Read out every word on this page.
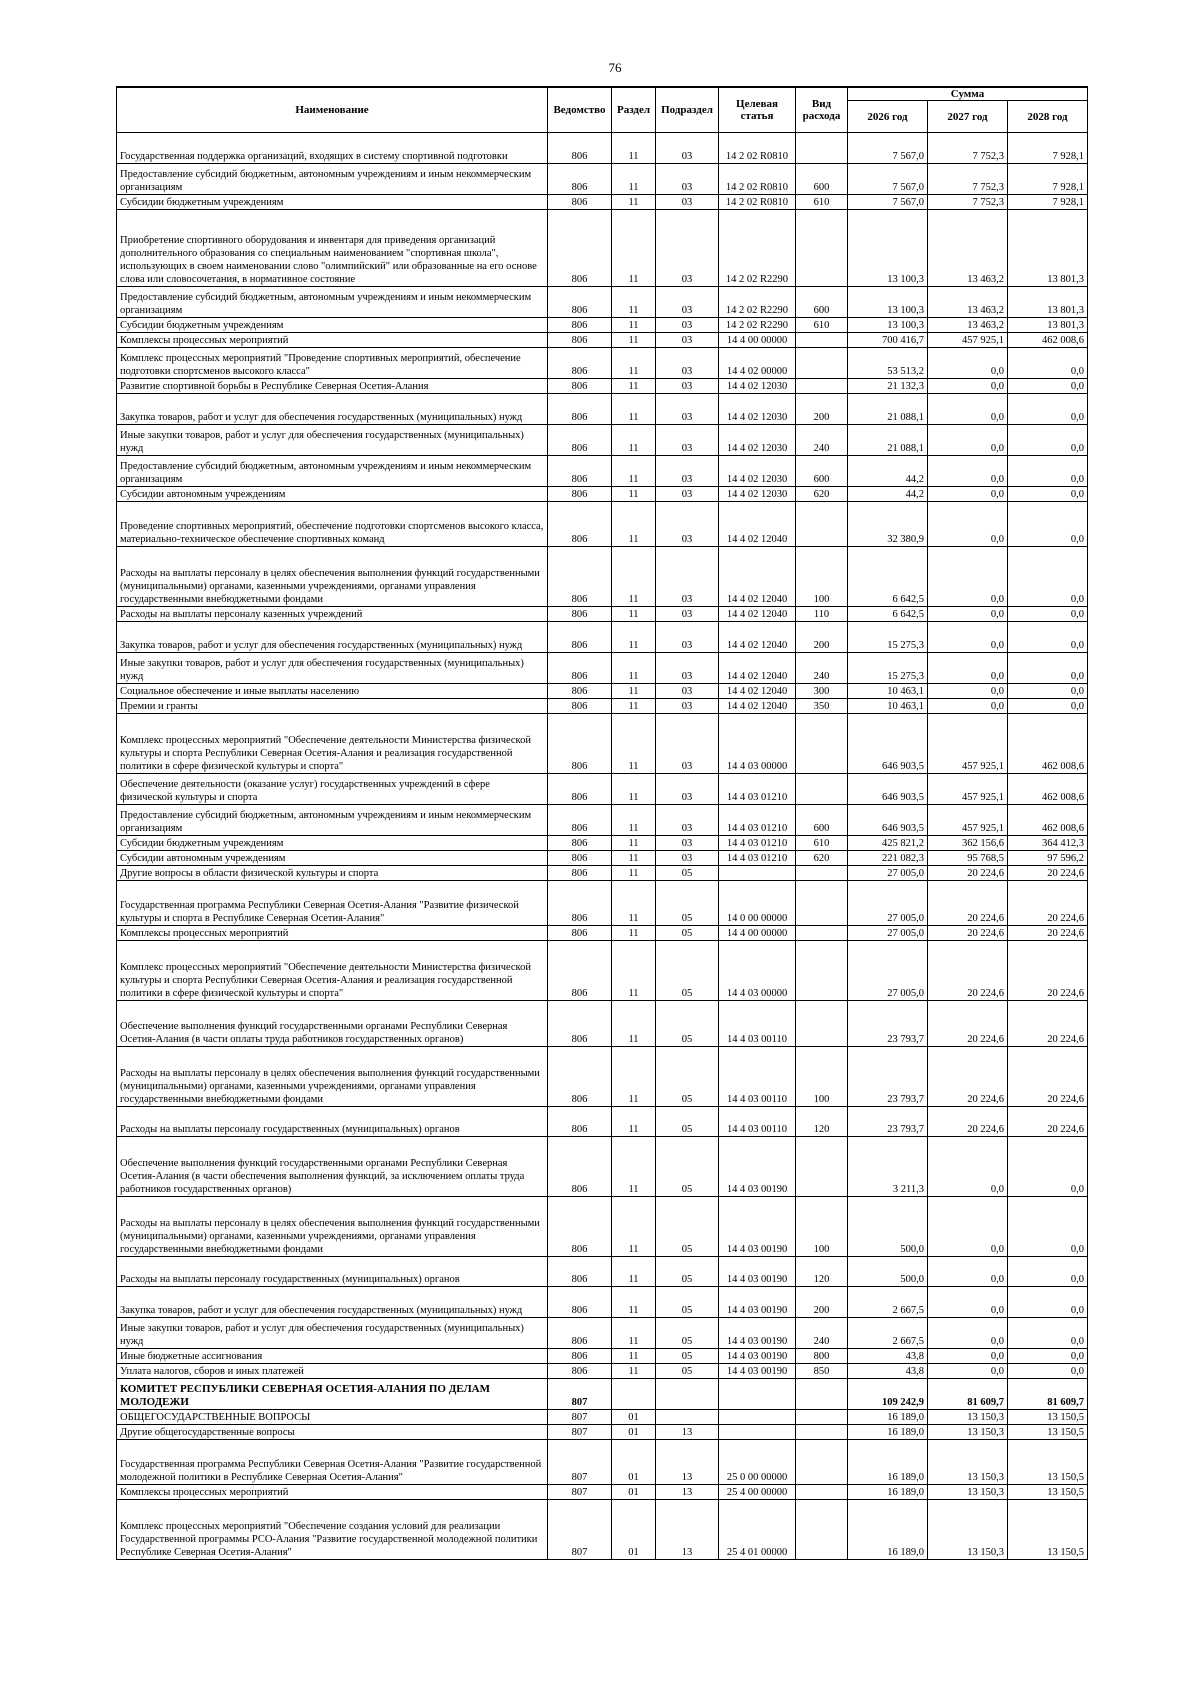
76
Наименование	Ведомство	Раздел	Подраздел	Целевая статья	Вид расхода	Сумма		
						2026 год	2027 год	2028 год
Государственная поддержка организаций, входящих в систему спортивной подготовки	806	11	03	14 2 02 R0810		7 567,0	7 752,3	7 928,1
Предоставление субсидий бюджетным, автономным учреждениям и иным некоммерческим организациям	806	11	03	14 2 02 R0810	600	7 567,0	7 752,3	7 928,1
Субсидии бюджетным учреждениям	806	11	03	14 2 02 R0810	610	7 567,0	7 752,3	7 928,1
Приобретение спортивного оборудования и инвентаря для приведения организаций дополнительного образования со специальным наименованием "спортивная школа", использующих в своем наименовании слово "олимпийский" или образованные на его основе слова или словосочетания, в нормативное состояние	806	11	03	14 2 02 R2290		13 100,3	13 463,2	13 801,3
Предоставление субсидий бюджетным, автономным учреждениям и иным некоммерческим организациям	806	11	03	14 2 02 R2290	600	13 100,3	13 463,2	13 801,3
Субсидии бюджетным учреждениям	806	11	03	14 2 02 R2290	610	13 100,3	13 463,2	13 801,3
Комплексы процессных мероприятий	806	11	03	14 4 00 00000		700 416,7	457 925,1	462 008,6
Комплекс процессных мероприятий "Проведение спортивных мероприятий, обеспечение подготовки спортсменов высокого класса"	806	11	03	14 4 02 00000		53 513,2	0,0	0,0
Развитие спортивной борьбы в Республике Северная Осетия-Алания	806	11	03	14 4 02 12030		21 132,3	0,0	0,0
Закупка товаров, работ и услуг для обеспечения государственных (муниципальных) нужд	806	11	03	14 4 02 12030	200	21 088,1	0,0	0,0
Иные закупки товаров, работ и услуг для обеспечения государственных (муниципальных) нужд	806	11	03	14 4 02 12030	240	21 088,1	0,0	0,0
Предоставление субсидий бюджетным, автономным учреждениям и иным некоммерческим организациям	806	11	03	14 4 02 12030	600	44,2	0,0	0,0
Субсидии автономным учреждениям	806	11	03	14 4 02 12030	620	44,2	0,0	0,0
Проведение спортивных мероприятий, обеспечение подготовки спортсменов высокого класса, материально-техническое обеспечение спортивных команд	806	11	03	14 4 02 12040		32 380,9	0,0	0,0
Расходы на выплаты персоналу в целях обеспечения выполнения функций государственными (муниципальными) органами, казенными учреждениями, органами управления государственными внебюджетными фондами	806	11	03	14 4 02 12040	100	6 642,5	0,0	0,0
Расходы на выплаты персоналу казенных учреждений	806	11	03	14 4 02 12040	110	6 642,5	0,0	0,0
Закупка товаров, работ и услуг для обеспечения государственных (муниципальных) нужд	806	11	03	14 4 02 12040	200	15 275,3	0,0	0,0
Иные закупки товаров, работ и услуг для обеспечения государственных (муниципальных) нужд	806	11	03	14 4 02 12040	240	15 275,3	0,0	0,0
Социальное обеспечение и иные выплаты населению	806	11	03	14 4 02 12040	300	10 463,1	0,0	0,0
Премии и гранты	806	11	03	14 4 02 12040	350	10 463,1	0,0	0,0
Комплекс процессных мероприятий "Обеспечение деятельности Министерства физической культуры и спорта Республики Северная Осетия-Алания и реализация государственной политики в сфере физической культуры и спорта"	806	11	03	14 4 03 00000		646 903,5	457 925,1	462 008,6
Обеспечение деятельности (оказание услуг) государственных учреждений в сфере физической культуры и спорта	806	11	03	14 4 03 01210		646 903,5	457 925,1	462 008,6
Предоставление субсидий бюджетным, автономным учреждениям и иным некоммерческим организациям	806	11	03	14 4 03 01210	600	646 903,5	457 925,1	462 008,6
Субсидии бюджетным учреждениям	806	11	03	14 4 03 01210	610	425 821,2	362 156,6	364 412,3
Субсидии автономным учреждениям	806	11	03	14 4 03 01210	620	221 082,3	95 768,5	97 596,2
Другие вопросы в области физической культуры и спорта	806	11	05			27 005,0	20 224,6	20 224,6
Государственная программа Республики Северная Осетия-Алания "Развитие физической культуры и спорта в Республике Северная Осетия-Алания"	806	11	05	14 0 00 00000		27 005,0	20 224,6	20 224,6
Комплексы процессных мероприятий	806	11	05	14 4 00 00000		27 005,0	20 224,6	20 224,6
Комплекс процессных мероприятий "Обеспечение деятельности Министерства физической культуры и спорта Республики Северная Осетия-Алания и реализация государственной политики в сфере физической культуры и спорта"	806	11	05	14 4 03 00000		27 005,0	20 224,6	20 224,6
Обеспечение выполнения функций государственными органами Республики Северная Осетия-Алания (в части оплаты труда работников государственных органов)	806	11	05	14 4 03 00110		23 793,7	20 224,6	20 224,6
Расходы на выплаты персоналу в целях обеспечения выполнения функций государственными (муниципальными) органами, казенными учреждениями, органами управления государственными внебюджетными фондами	806	11	05	14 4 03 00110	100	23 793,7	20 224,6	20 224,6
Расходы на выплаты персоналу государственных (муниципальных) органов	806	11	05	14 4 03 00110	120	23 793,7	20 224,6	20 224,6
Обеспечение выполнения функций государственными органами Республики Северная Осетия-Алания (в части обеспечения выполнения функций, за исключением оплаты труда работников государственных органов)	806	11	05	14 4 03 00190		3 211,3	0,0	0,0
Расходы на выплаты персоналу в целях обеспечения выполнения функций государственными (муниципальными) органами, казенными учреждениями, органами управления государственными внебюджетными фондами	806	11	05	14 4 03 00190	100	500,0	0,0	0,0
Расходы на выплаты персоналу государственных (муниципальных) органов	806	11	05	14 4 03 00190	120	500,0	0,0	0,0
Закупка товаров, работ и услуг для обеспечения государственных (муниципальных) нужд	806	11	05	14 4 03 00190	200	2 667,5	0,0	0,0
Иные закупки товаров, работ и услуг для обеспечения государственных (муниципальных) нужд	806	11	05	14 4 03 00190	240	2 667,5	0,0	0,0
Иные бюджетные ассигнования	806	11	05	14 4 03 00190	800	43,8	0,0	0,0
Уплата налогов, сборов и иных платежей	806	11	05	14 4 03 00190	850	43,8	0,0	0,0
КОМИТЕТ РЕСПУБЛИКИ СЕВЕРНАЯ ОСЕТИЯ-АЛАНИЯ ПО ДЕЛАМ МОЛОДЕЖИ	807					109 242,9	81 609,7	81 609,7
ОБЩЕГОСУДАРСТВЕННЫЕ ВОПРОСЫ	807	01				16 189,0	13 150,3	13 150,5
Другие общегосударственные вопросы	807	01	13			16 189,0	13 150,3	13 150,5
Государственная программа Республики Северная Осетия-Алания "Развитие государственной молодежной политики в Республике Северная Осетия-Алания"	807	01	13	25 0 00 00000		16 189,0	13 150,3	13 150,5
Комплексы процессных мероприятий	807	01	13	25 4 00 00000		16 189,0	13 150,3	13 150,5
Комплекс процессных мероприятий "Обеспечение создания условий для реализации Государственной программы РСО-Алания "Развитие государственной молодежной политики Республике Северная Осетия-Алания"	807	01	13	25 4 01 00000		16 189,0	13 150,3	13 150,5
